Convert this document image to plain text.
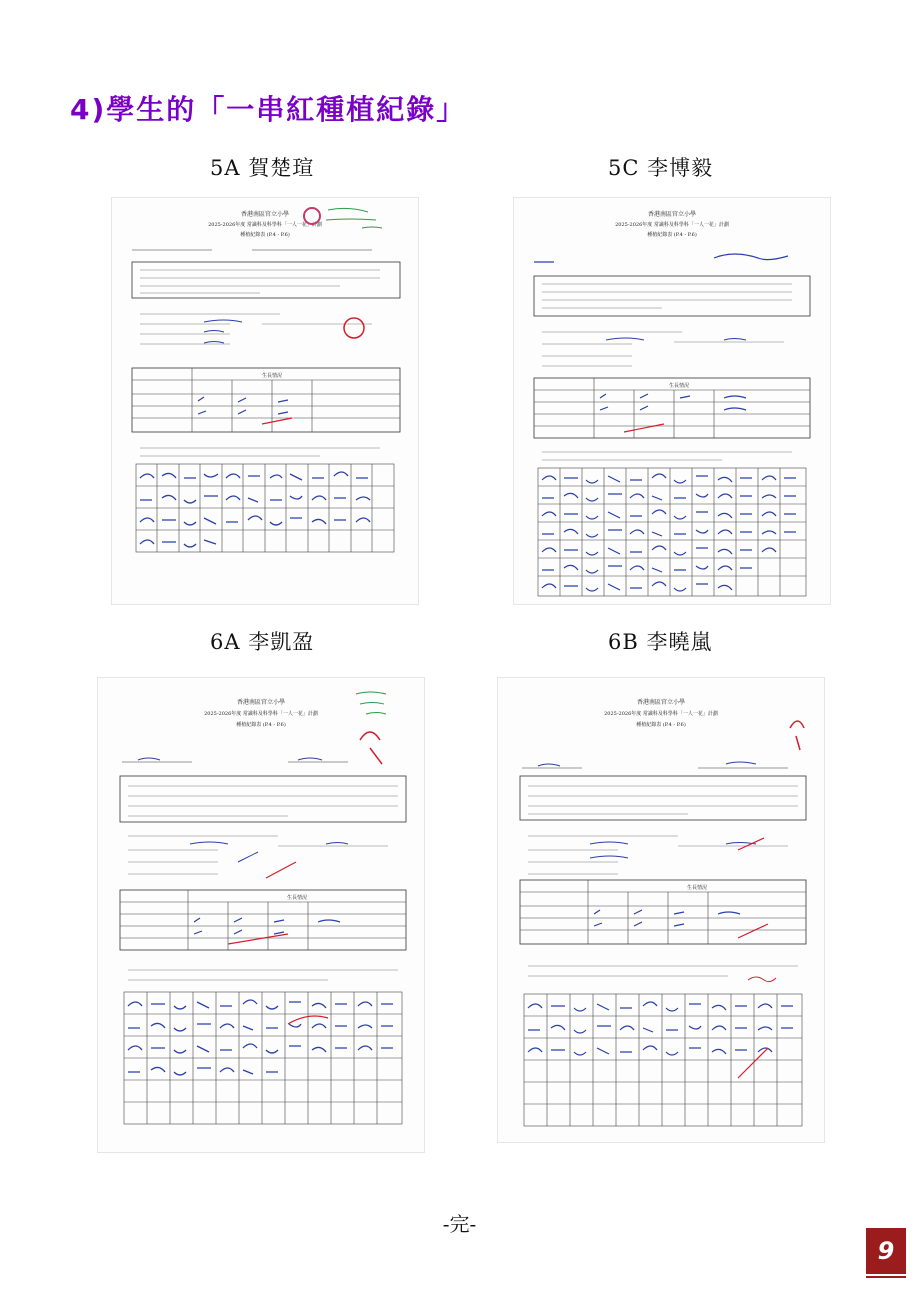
4)學生的「一串紅種植紀錄」
5A 賀楚瑄
香港南區官立小學
2025-2026年度 常識科及科學科「一人一花」計劃
種植紀錄表 (P.4 - P.6)
生長情況
5C 李博毅
香港南區官立小學
2025-2026年度 常識科及科學科「一人一花」計劃
種植紀錄表 (P.4 - P.6)
生長情況
6A 李凱盈
香港南區官立小學
2025-2026年度 常識科及科學科「一人一花」計劃
種植紀錄表 (P.4 - P.6)
生長情況
6B 李曉嵐
香港南區官立小學
2025-2026年度 常識科及科學科「一人一花」計劃
種植紀錄表 (P.4 - P.6)
生長情況
-完-
9
